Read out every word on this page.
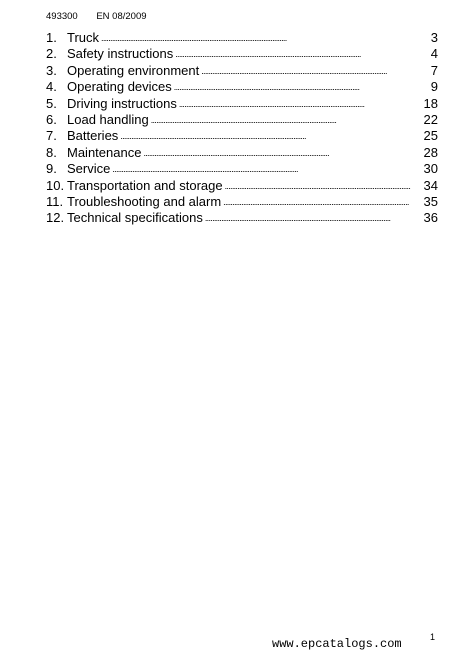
493300 EN 08/2009
1. Truck . . .	3
2. Safety instructions . . .	4
3. Operating environment . . .	7
4. Operating devices . . .	9
5. Driving instructions . . .	18
6. Load handling . . .	22
7. Batteries . . .	25
8. Maintenance . . .	28
9. Service . . .	30
10. Transportation and storage . . .	34
11. Troubleshooting and alarm . . .	35
12. Technical specifications . . .	36
www.epcatalogs.com	1
